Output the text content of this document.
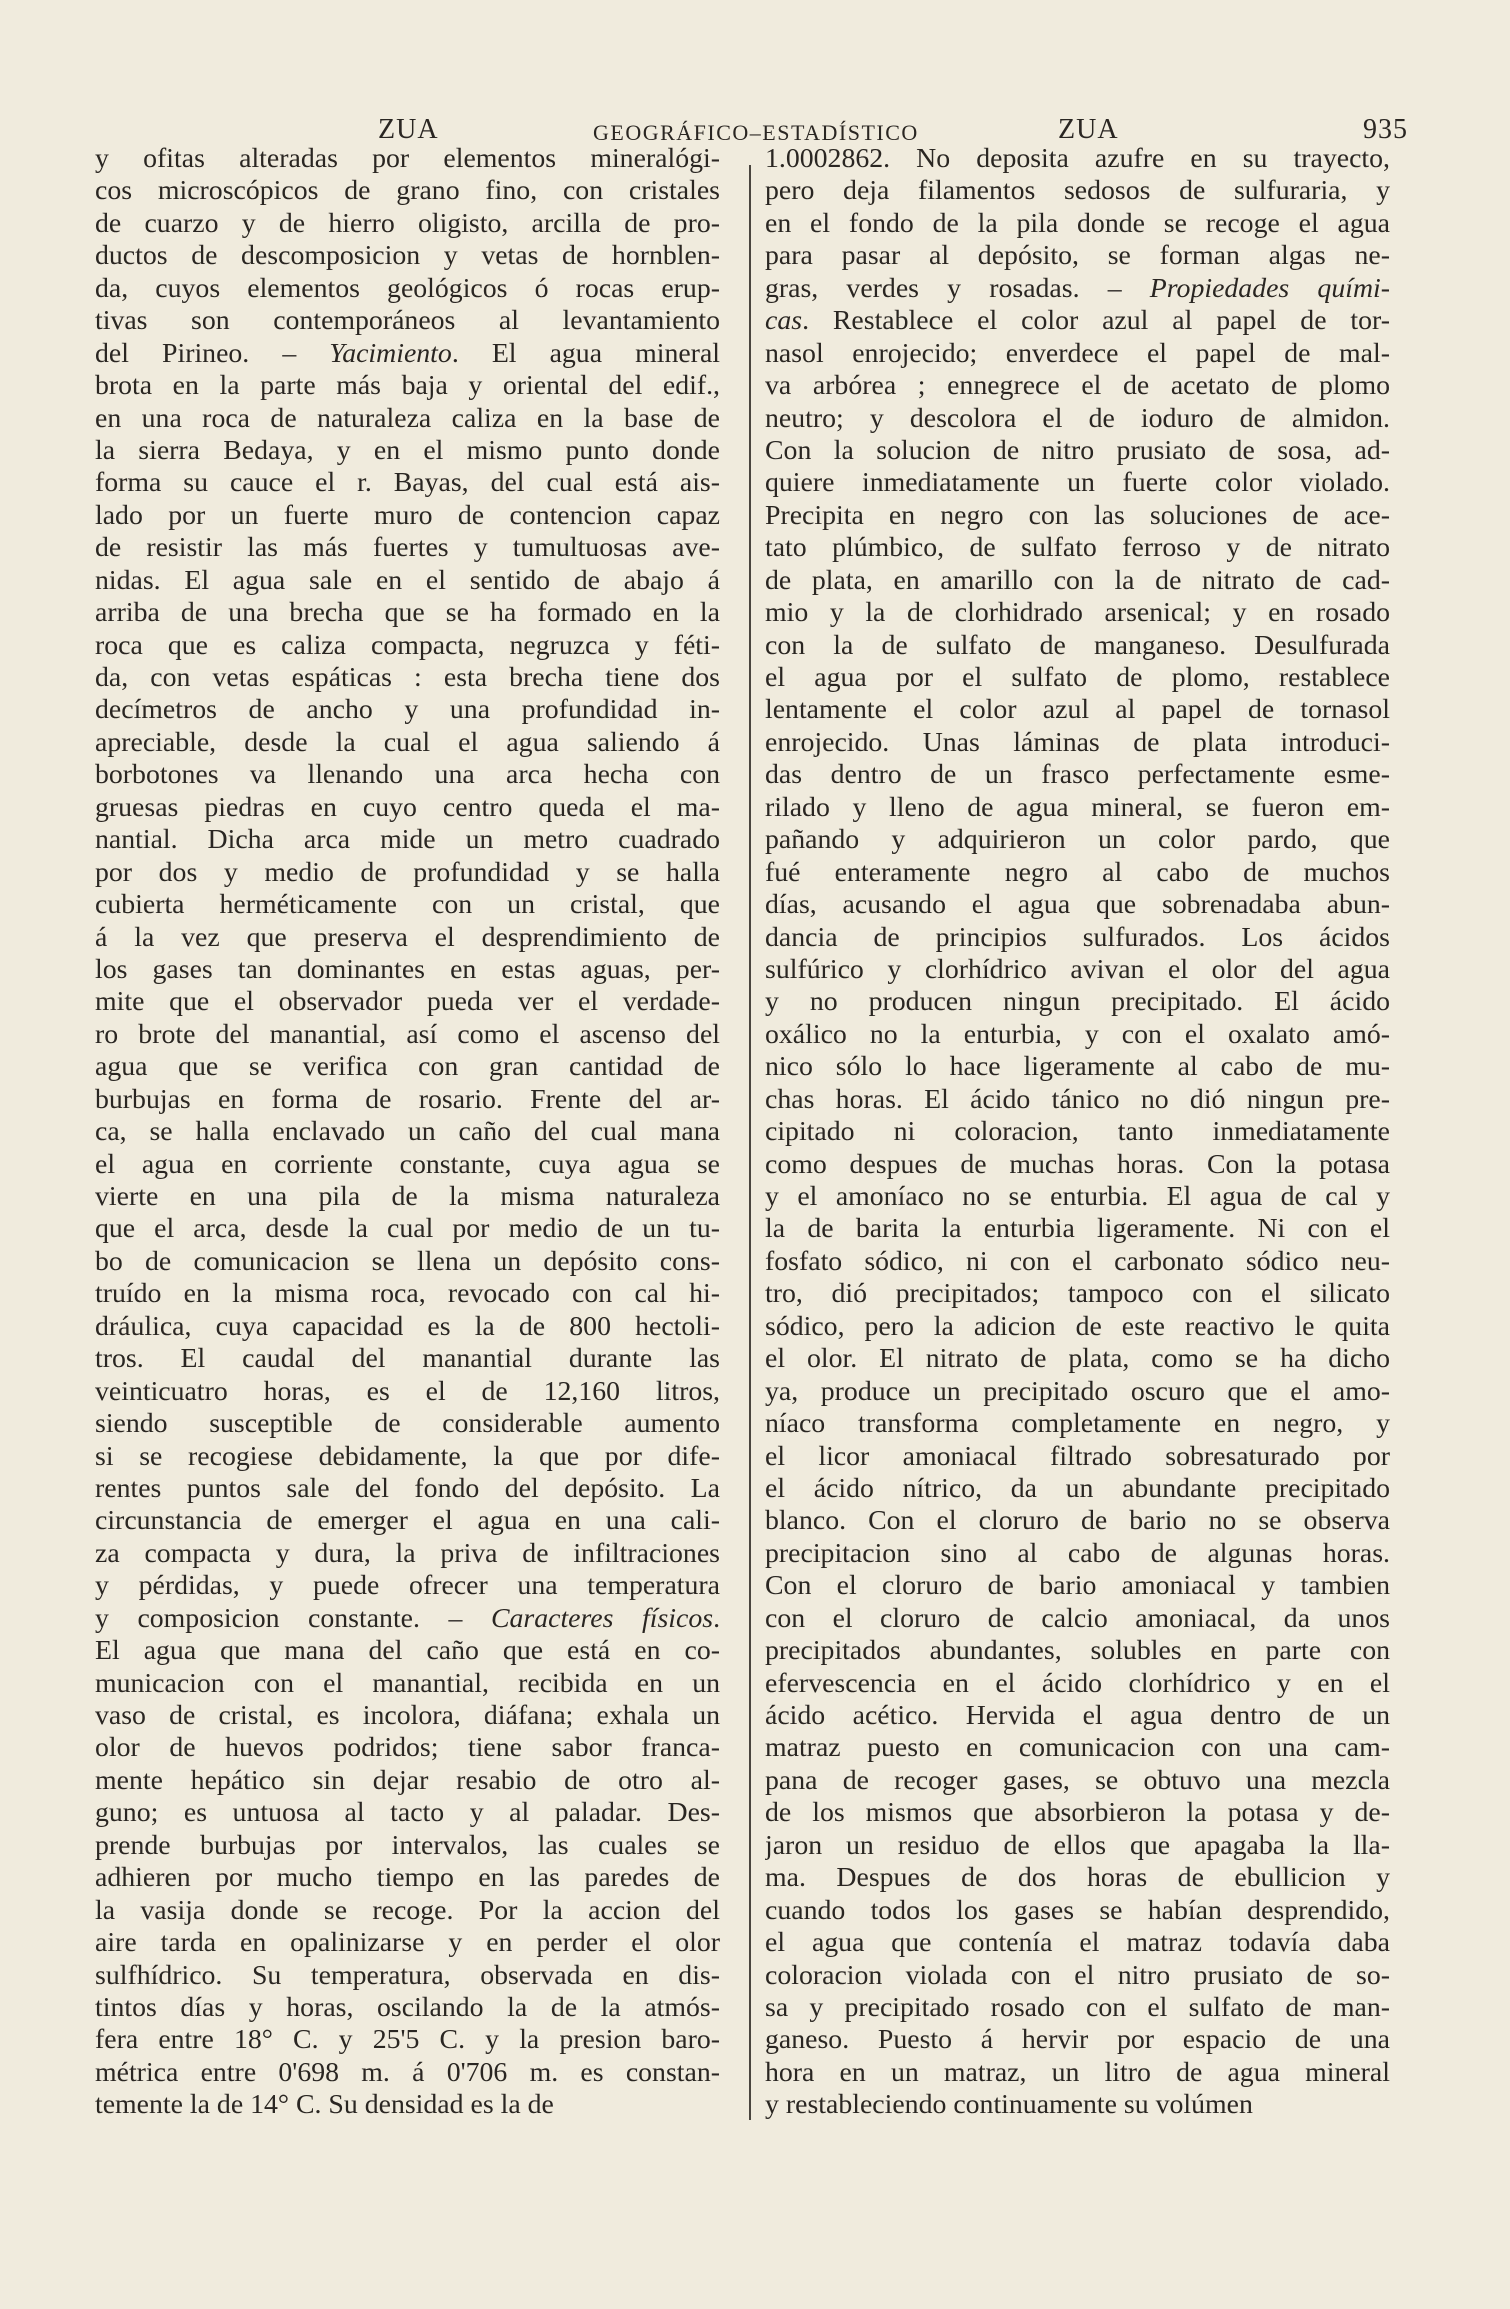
ZUA	GEOGRÁFICO–ESTADÍSTICO	ZUA	935
y ofitas alteradas por elementos mineralógi-
cos microscópicos de grano fino, con cristales
de cuarzo y de hierro oligisto, arcilla de pro-
ductos de descomposicion y vetas de hornblen-
da, cuyos elementos geológicos ó rocas erup-
tivas son contemporáneos al levantamiento
del Pirineo. – Yacimiento. El agua mineral
brota en la parte más baja y oriental del edif.,
en una roca de naturaleza caliza en la base de
la sierra Bedaya, y en el mismo punto donde
forma su cauce el r. Bayas, del cual está ais-
lado por un fuerte muro de contencion capaz
de resistir las más fuertes y tumultuosas ave-
nidas. El agua sale en el sentido de abajo á
arriba de una brecha que se ha formado en la
roca que es caliza compacta, negruzca y féti-
da, con vetas espáticas : esta brecha tiene dos
decímetros de ancho y una profundidad in-
apreciable, desde la cual el agua saliendo á
borbotones va llenando una arca hecha con
gruesas piedras en cuyo centro queda el ma-
nantial. Dicha arca mide un metro cuadrado
por dos y medio de profundidad y se halla
cubierta herméticamente con un cristal, que
á la vez que preserva el desprendimiento de
los gases tan dominantes en estas aguas, per-
mite que el observador pueda ver el verdade-
ro brote del manantial, así como el ascenso del
agua que se verifica con gran cantidad de
burbujas en forma de rosario. Frente del ar-
ca, se halla enclavado un caño del cual mana
el agua en corriente constante, cuya agua se
vierte en una pila de la misma naturaleza
que el arca, desde la cual por medio de un tu-
bo de comunicacion se llena un depósito cons-
truído en la misma roca, revocado con cal hi-
dráulica, cuya capacidad es la de 800 hectoli-
tros. El caudal del manantial durante las
veinticuatro horas, es el de 12,160 litros,
siendo susceptible de considerable aumento
si se recogiese debidamente, la que por dife-
rentes puntos sale del fondo del depósito. La
circunstancia de emerger el agua en una cali-
za compacta y dura, la priva de infiltraciones
y pérdidas, y puede ofrecer una temperatura
y composicion constante. – Caracteres físicos.
El agua que mana del caño que está en co-
municacion con el manantial, recibida en un
vaso de cristal, es incolora, diáfana; exhala un
olor de huevos podridos; tiene sabor franca-
mente hepático sin dejar resabio de otro al-
guno; es untuosa al tacto y al paladar. Des-
prende burbujas por intervalos, las cuales se
adhieren por mucho tiempo en las paredes de
la vasija donde se recoge. Por la accion del
aire tarda en opalinizarse y en perder el olor
sulfhídrico. Su temperatura, observada en dis-
tintos días y horas, oscilando la de la atmós-
fera entre 18° C. y 25'5 C. y la presion baro-
métrica entre 0'698 m. á 0'706 m. es constan-
temente la de 14° C. Su densidad es la de
1.0002862. No deposita azufre en su trayecto,
pero deja filamentos sedosos de sulfuraria, y
en el fondo de la pila donde se recoge el agua
para pasar al depósito, se forman algas ne-
gras, verdes y rosadas. – Propiedades quími-
cas. Restablece el color azul al papel de tor-
nasol enrojecido; enverdece el papel de mal-
va arbórea ; ennegrece el de acetato de plomo
neutro; y descolora el de ioduro de almidon.
Con la solucion de nitro prusiato de sosa, ad-
quiere inmediatamente un fuerte color violado.
Precipita en negro con las soluciones de ace-
tato plúmbico, de sulfato ferroso y de nitrato
de plata, en amarillo con la de nitrato de cad-
mio y la de clorhidrado arsenical; y en rosado
con la de sulfato de manganeso. Desulfurada
el agua por el sulfato de plomo, restablece
lentamente el color azul al papel de tornasol
enrojecido. Unas láminas de plata introduci-
das dentro de un frasco perfectamente esme-
rilado y lleno de agua mineral, se fueron em-
pañando y adquirieron un color pardo, que
fué enteramente negro al cabo de muchos
días, acusando el agua que sobrenadaba abun-
dancia de principios sulfurados. Los ácidos
sulfúrico y clorhídrico avivan el olor del agua
y no producen ningun precipitado. El ácido
oxálico no la enturbia, y con el oxalato amó-
nico sólo lo hace ligeramente al cabo de mu-
chas horas. El ácido tánico no dió ningun pre-
cipitado ni coloracion, tanto inmediatamente
como despues de muchas horas. Con la potasa
y el amoníaco no se enturbia. El agua de cal y
la de barita la enturbia ligeramente. Ni con el
fosfato sódico, ni con el carbonato sódico neu-
tro, dió precipitados; tampoco con el silicato
sódico, pero la adicion de este reactivo le quita
el olor. El nitrato de plata, como se ha dicho
ya, produce un precipitado oscuro que el amo-
níaco transforma completamente en negro, y
el licor amoniacal filtrado sobresaturado por
el ácido nítrico, da un abundante precipitado
blanco. Con el cloruro de bario no se observa
precipitacion sino al cabo de algunas horas.
Con el cloruro de bario amoniacal y tambien
con el cloruro de calcio amoniacal, da unos
precipitados abundantes, solubles en parte con
efervescencia en el ácido clorhídrico y en el
ácido acético. Hervida el agua dentro de un
matraz puesto en comunicacion con una cam-
pana de recoger gases, se obtuvo una mezcla
de los mismos que absorbieron la potasa y de-
jaron un residuo de ellos que apagaba la lla-
ma. Despues de dos horas de ebullicion y
cuando todos los gases se habían desprendido,
el agua que contenía el matraz todavía daba
coloracion violada con el nitro prusiato de so-
sa y precipitado rosado con el sulfato de man-
ganeso. Puesto á hervir por espacio de una
hora en un matraz, un litro de agua mineral
y restableciendo continuamente su volúmen
